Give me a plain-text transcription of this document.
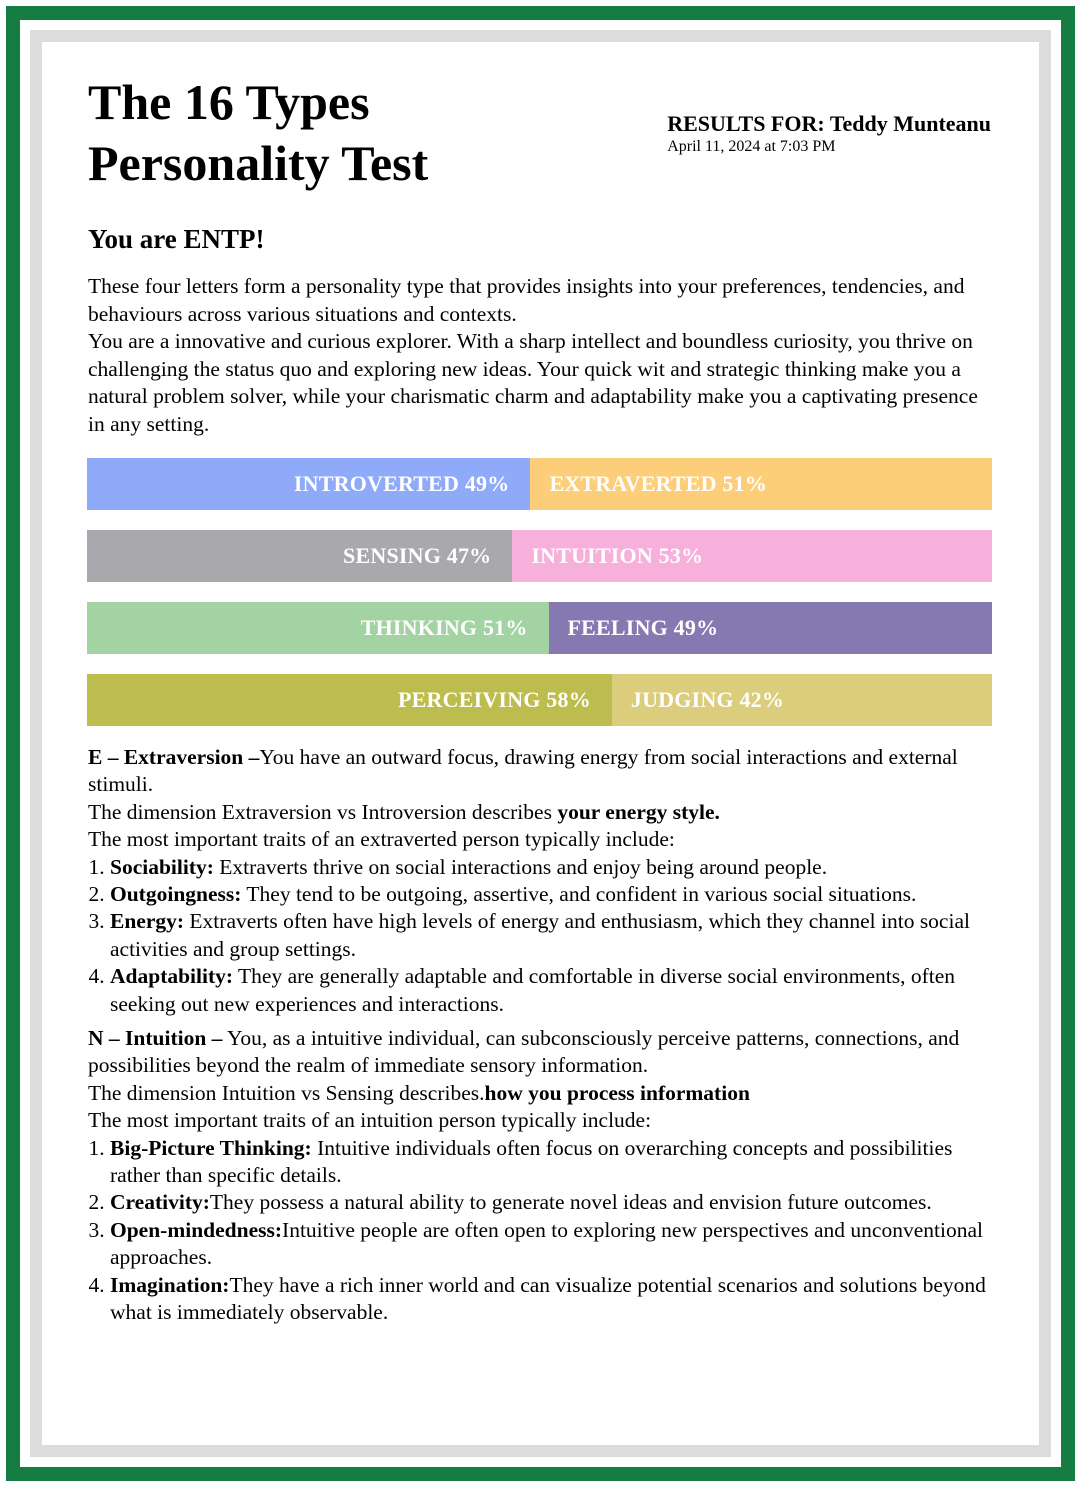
The 16 Types
Personality Test
RESULTS FOR: Teddy Munteanu
April 11, 2024 at 7:03 PM
You are ENTP!

These four letters form a personality type that provides insights into your preferences, tendencies, and behaviours across various situations and contexts.

You are a innovative and curious explorer. With a sharp intellect and boundless curiosity, you thrive on challenging the status quo and exploring new ideas. Your quick wit and strategic thinking make you a natural problem solver, while your charismatic charm and adaptability make you a captivating presence in any setting.

INTROVERTED 49%	EXTRAVERTED 51%
SENSING 47%	INTUITION 53%
THINKING 51%	FEELING 49%
PERCEIVING 58%	JUDGING 42%

E – Extraversion –You have an outward focus, drawing energy from social interactions and external stimuli.

The dimension Extraversion vs Introversion describes your energy style.

The most important traits of an extraverted person typically include:

1. Sociability: Extraverts thrive on social interactions and enjoy being around people.
2. Outgoingness: They tend to be outgoing, assertive, and confident in various social situations.
3. Energy: Extraverts often have high levels of energy and enthusiasm, which they channel into social activities and group settings.
4. Adaptability: They are generally adaptable and comfortable in diverse social environments, often seeking out new experiences and interactions.

N – Intuition – You, as a intuitive individual, can subconsciously perceive patterns, connections, and possibilities beyond the realm of immediate sensory information.

The dimension Intuition vs Sensing describes.how you process information

The most important traits of an intuition person typically include:

1. Big-Picture Thinking: Intuitive individuals often focus on overarching concepts and possibilities rather than specific details.
2. Creativity:They possess a natural ability to generate novel ideas and envision future outcomes.
3. Open-mindedness:Intuitive people are often open to exploring new perspectives and unconventional approaches.
4. Imagination:They have a rich inner world and can visualize potential scenarios and solutions beyond what is immediately observable.
